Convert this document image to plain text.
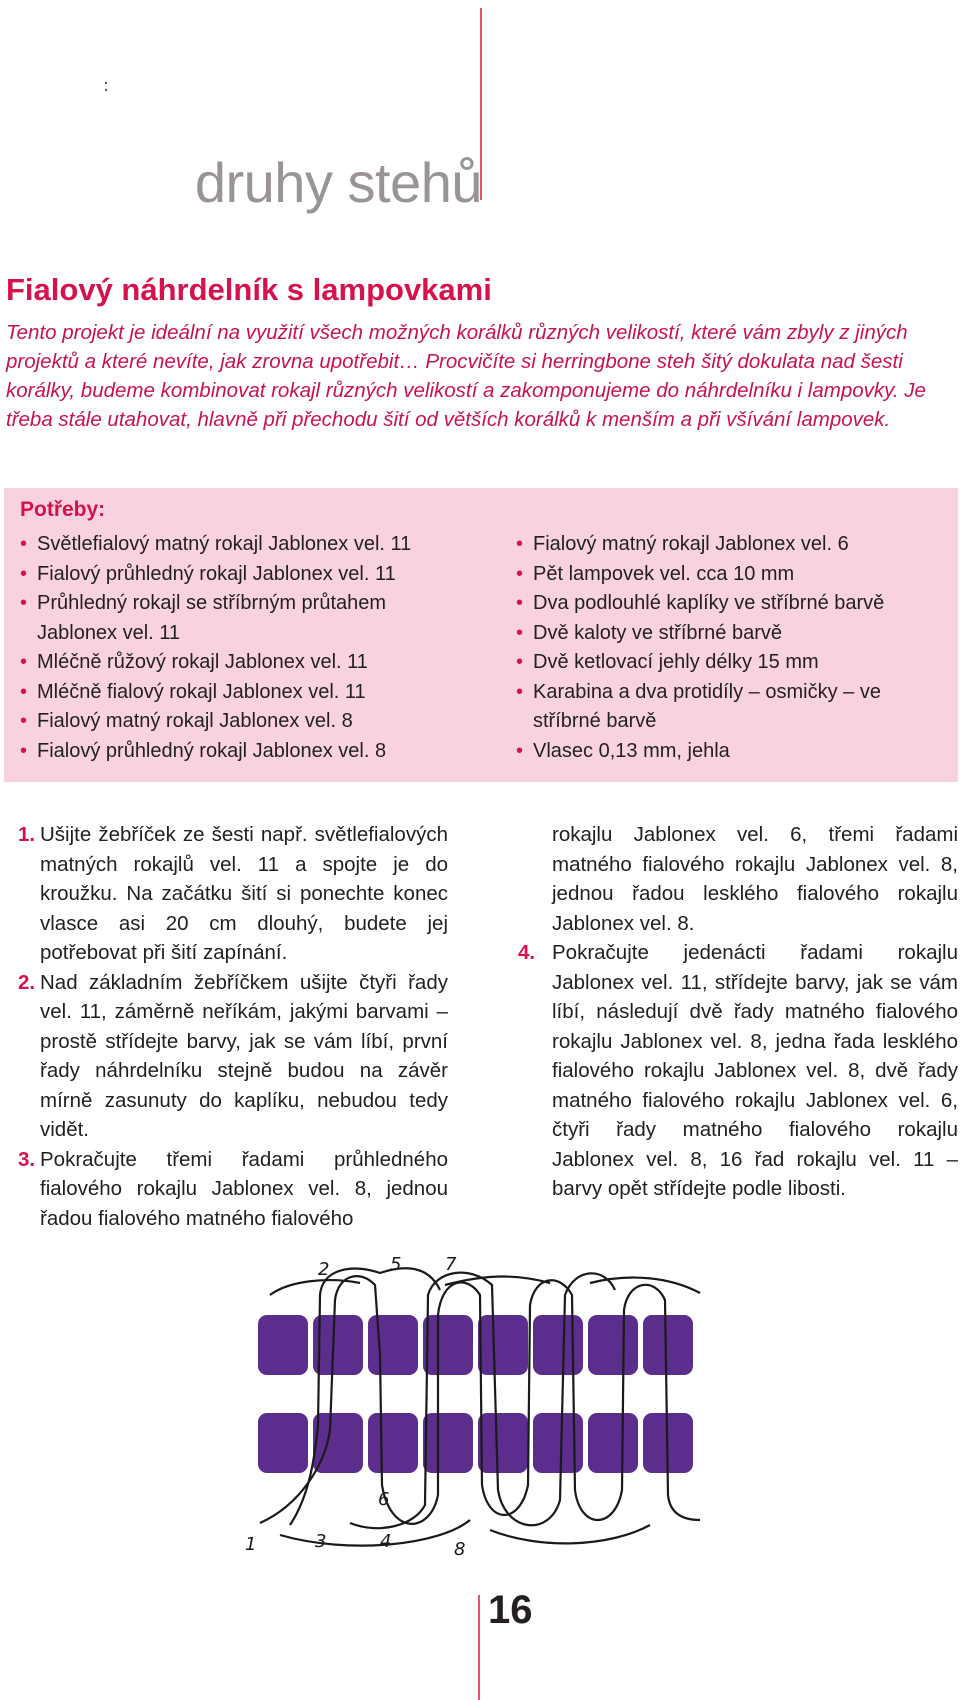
:
druhy stehů
Fialový náhrdelník s lampovkami
Tento projekt je ideální na využití všech možných korálků různých velikostí, které vám zbyly z jiných projektů a které nevíte, jak zrovna upotřebit… Procvičíte si herringbone steh šitý dokulata nad šesti korálky, budeme kombinovat rokajl různých velikostí a zakomponujeme do náhrdelníku i lampovky. Je třeba stále utahovat, hlavně při přechodu šití od větších korálků k menším a při všívání lampovek.
Potřeby:
• Světlefialový matný rokajl Jablonex vel. 11
• Fialový průhledný rokajl Jablonex vel. 11
• Průhledný rokajl se stříbrným průtahem Jablonex vel. 11
• Mléčně růžový rokajl Jablonex vel. 11
• Mléčně fialový rokajl Jablonex vel. 11
• Fialový matný rokajl Jablonex vel. 8
• Fialový průhledný rokajl Jablonex vel. 8
• Fialový matný rokajl Jablonex vel. 6
• Pět lampovek vel. cca 10 mm
• Dva podlouhlé kaplíky ve stříbrné barvě
• Dvě kaloty ve stříbrné barvě
• Dvě ketlovací jehly délky 15 mm
• Karabina a dva protidíly – osmičky – ve stříbrné barvě
• Vlasec 0,13 mm, jehla
1. Ušijte žebříček ze šesti např. světlefialových matných rokajlů vel. 11 a spojte je do kroužku. Na začátku šití si ponechte konec vlasce asi 20 cm dlouhý, budete jej potřebovat při šití zapínání.
2. Nad základním žebříčkem ušijte čtyři řady vel. 11, záměrně neříkám, jakými barvami – prostě střídejte barvy, jak se vám líbí, první řady náhrdelníku stejně budou na závěr mírně zasunuty do kaplíku, nebudou tedy vidět.
3. Pokračujte třemi řadami průhledného fialového rokajlu Jablonex vel. 8, jednou řadou fialového matného fialového
rokajlu Jablonex vel. 6, třemi řadami matného fialového rokajlu Jablonex vel. 8, jednou řadou lesklého fialového rokajlu Jablonex vel. 8.
4. Pokračujte jedenácti řadami rokajlu Jablonex vel. 11, střídejte barvy, jak se vám líbí, následují dvě řady matného fialového rokajlu Jablonex vel. 8, jedna řada lesklého fialového rokajlu Jablonex vel. 8, dvě řady matného fialového rokajlu Jablonex vel. 6, čtyři řady matného fialového rokajlu Jablonex vel. 8, 16 řad rokajlu vel. 11 – barvy opět střídejte podle libosti.
1
2
3	4
5
6
7
8
16
